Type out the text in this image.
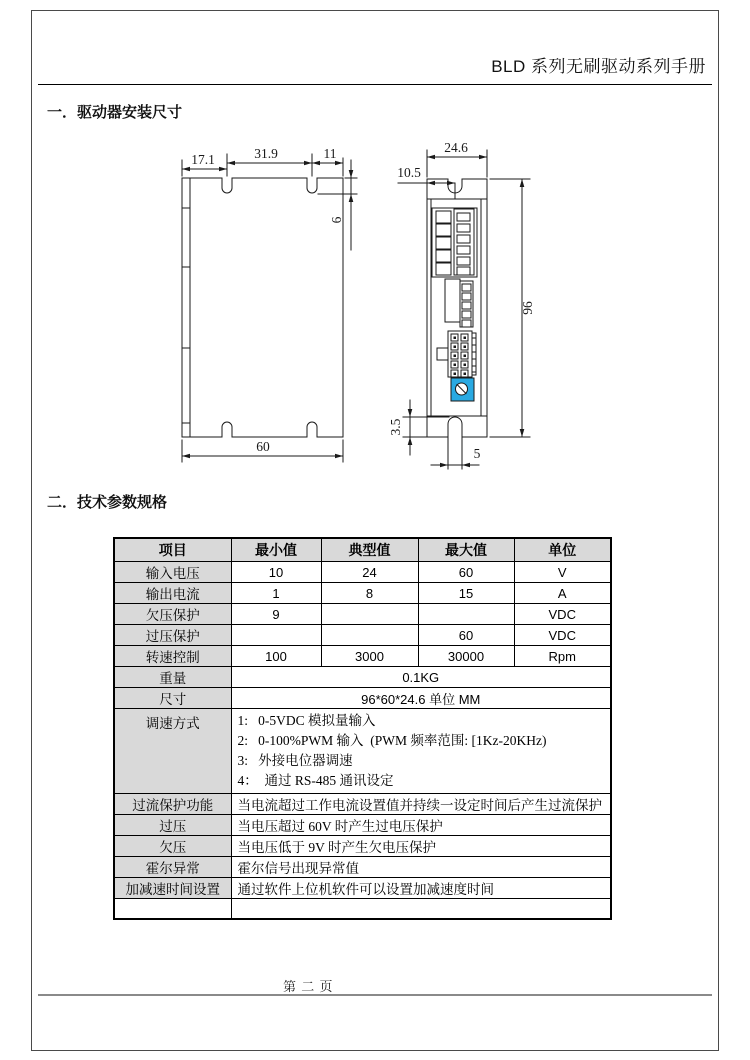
BLD 系列无刷驱动系列手册
一．驱动器安装尺寸
17.1	31.9	11
6
60
24.6
10.5
96
3.5
5
二．技术参数规格
项目	最小值	典型值	最大值	单位
输入电压	10	24	60	V
输出电流	1	8	15	A
欠压保护	9			VDC
过压保护			60	VDC
转速控制	100	3000	30000	Rpm
重量	0.1KG			
尺寸	96*60*24.6 单位 MM			
调速方式	1:   0-5VDC 模拟量输入
2:   0-100%PWM 输入  (PWM 频率范围: [1Kz-20KHz)
3:   外接电位器调速
4：  通过 RS-485 通讯设定			

过流保护功能	当电流超过工作电流设置值并持续一设定时间后产生过流保护			
过压	当电压超过 60V 时产生过电压保护			
欠压	当电压低于 9V 时产生欠电压保护			
霍尔异常	霍尔信号出现异常值			
加减速时间设置	通过软件上位机软件可以设置加减速度时间			

第 二 页
